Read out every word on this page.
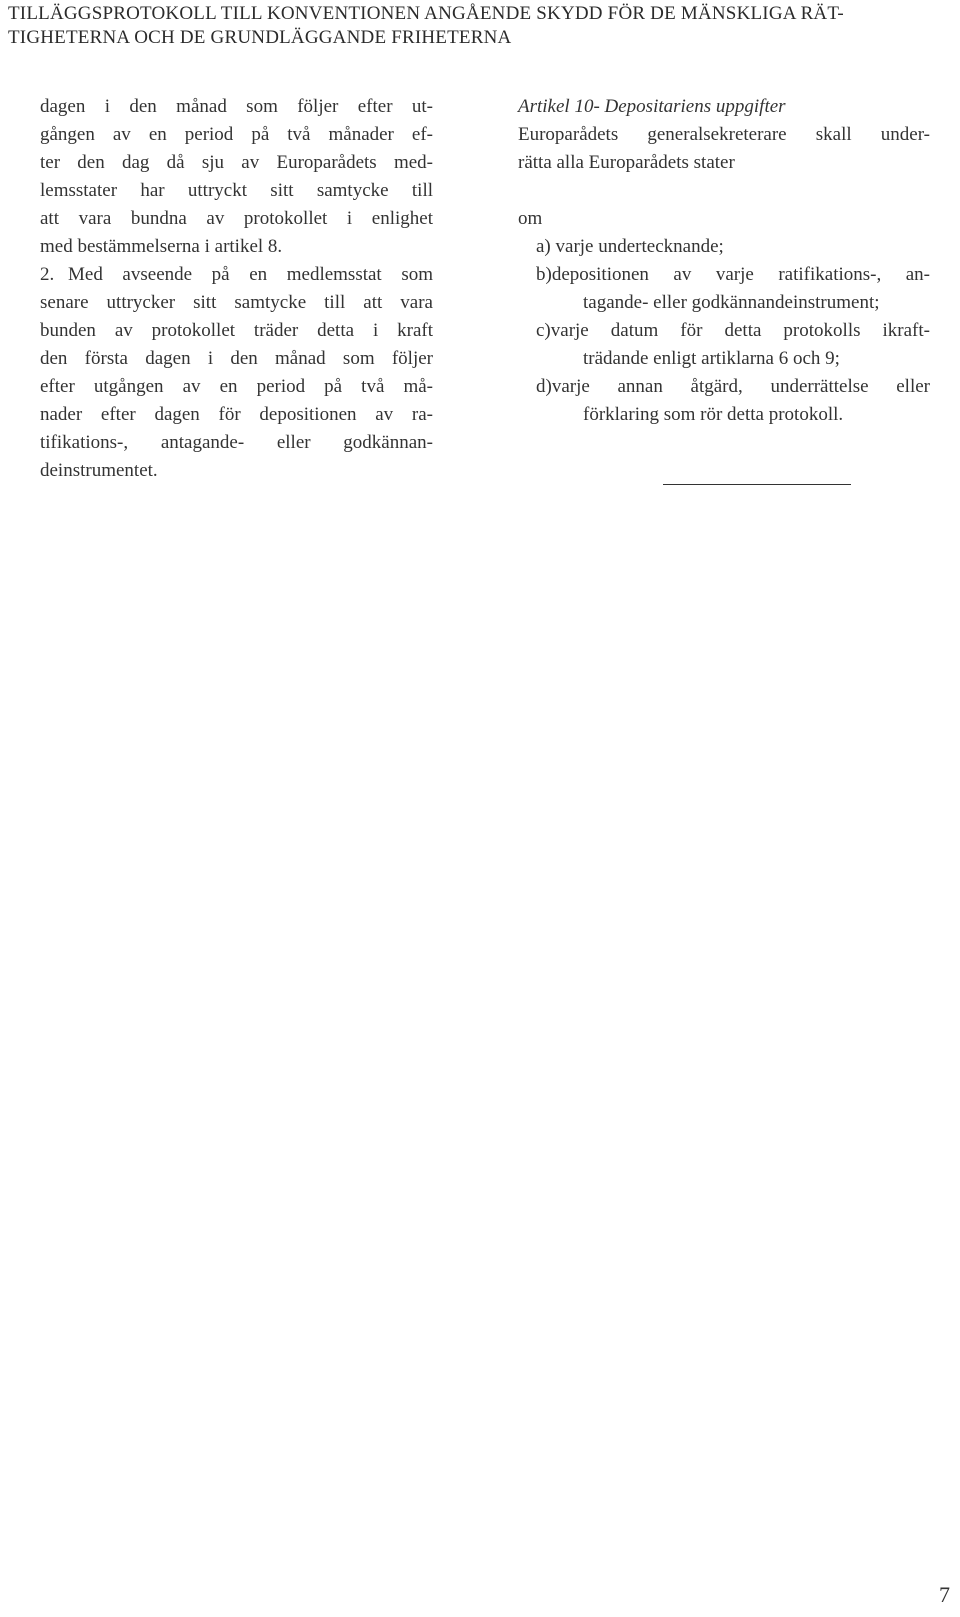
TILLÄGGSPROTOKOLL TILL KONVENTIONEN ANGÅENDE SKYDD FÖR DE MÄNSKLIGA RÄT-
TIGHETERNA OCH DE GRUNDLÄGGANDE FRIHETERNA
dagen i den månad som följer efter ut-
gången av en period på två månader ef-
ter den dag då sju av Europarådets med-
lemsstater har uttryckt sitt samtycke till
att vara bundna av protokollet i enlighet
med bestämmelserna i artikel 8.
2. Med avseende på en medlemsstat som
senare uttrycker sitt samtycke till att vara
bunden av protokollet träder detta i kraft
den första dagen i den månad som följer
efter utgången av en period på två må-
nader efter dagen för depositionen av ra-
tifikations-, antagande- eller godkännan-
deinstrumentet.
Artikel 10- Depositariens uppgifter
Europarådets generalsekreterare skall under-
rätta alla Europarådets stater
om
a) varje undertecknande;
b)depositionen av varje ratifikations-, an-
tagande- eller godkännandeinstrument;
c)varje datum för detta protokolls ikraft-
trädande enligt artiklarna 6 och 9;
d)varje annan åtgärd, underrättelse eller
förklaring som rör detta protokoll.
7
